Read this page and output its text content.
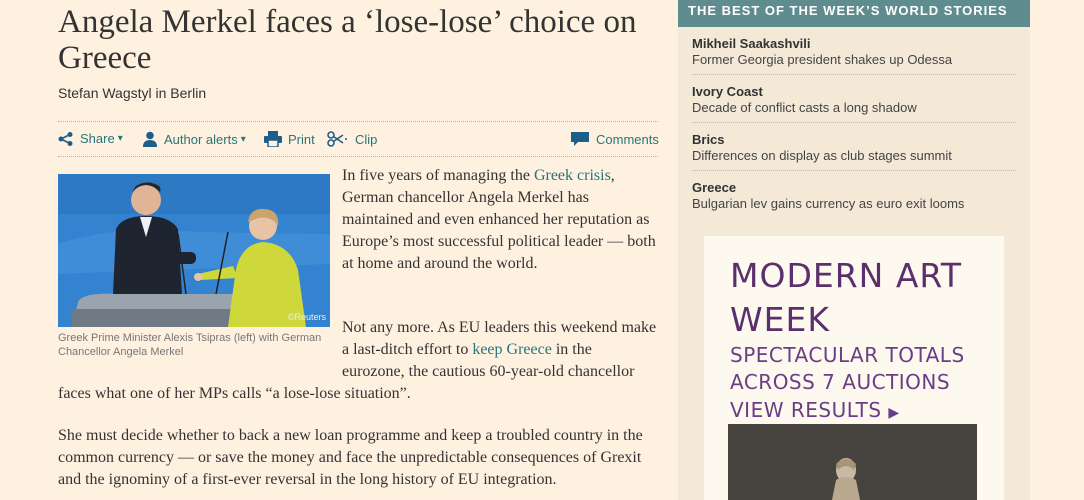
Angela Merkel faces a ‘lose-lose’ choice on Greece
Stefan Wagstyl in Berlin
Share ▾	Author alerts ▾	Print	Clip	Comments
©Reuters
Greek Prime Minister Alexis Tsipras (left) with German Chancellor Angela Merkel
In five years of managing the Greek crisis, German chancellor Angela Merkel has maintained and even enhanced her reputation as Europe’s most successful political leader — both at home and around the world.
Not any more. As EU leaders this weekend make a last-ditch effort to keep Greece in the eurozone, the cautious 60-year-old chancellor faces what one of her MPs calls “a lose-lose situation”.
She must decide whether to back a new loan programme and keep a troubled country in the common currency — or save the money and face the unpredictable consequences of Grexit and the ignominy of a first-ever reversal in the long history of EU integration.
THE BEST OF THE WEEK’S WORLD STORIES
Mikheil Saakashvili
Former Georgia president shakes up Odessa
Ivory Coast
Decade of conflict casts a long shadow
Brics
Differences on display as club stages summit
Greece
Bulgarian lev gains currency as euro exit looms
MODERN ART
WEEK
SPECTACULAR TOTALS
ACROSS 7 AUCTIONS
VIEW RESULTS ▶
